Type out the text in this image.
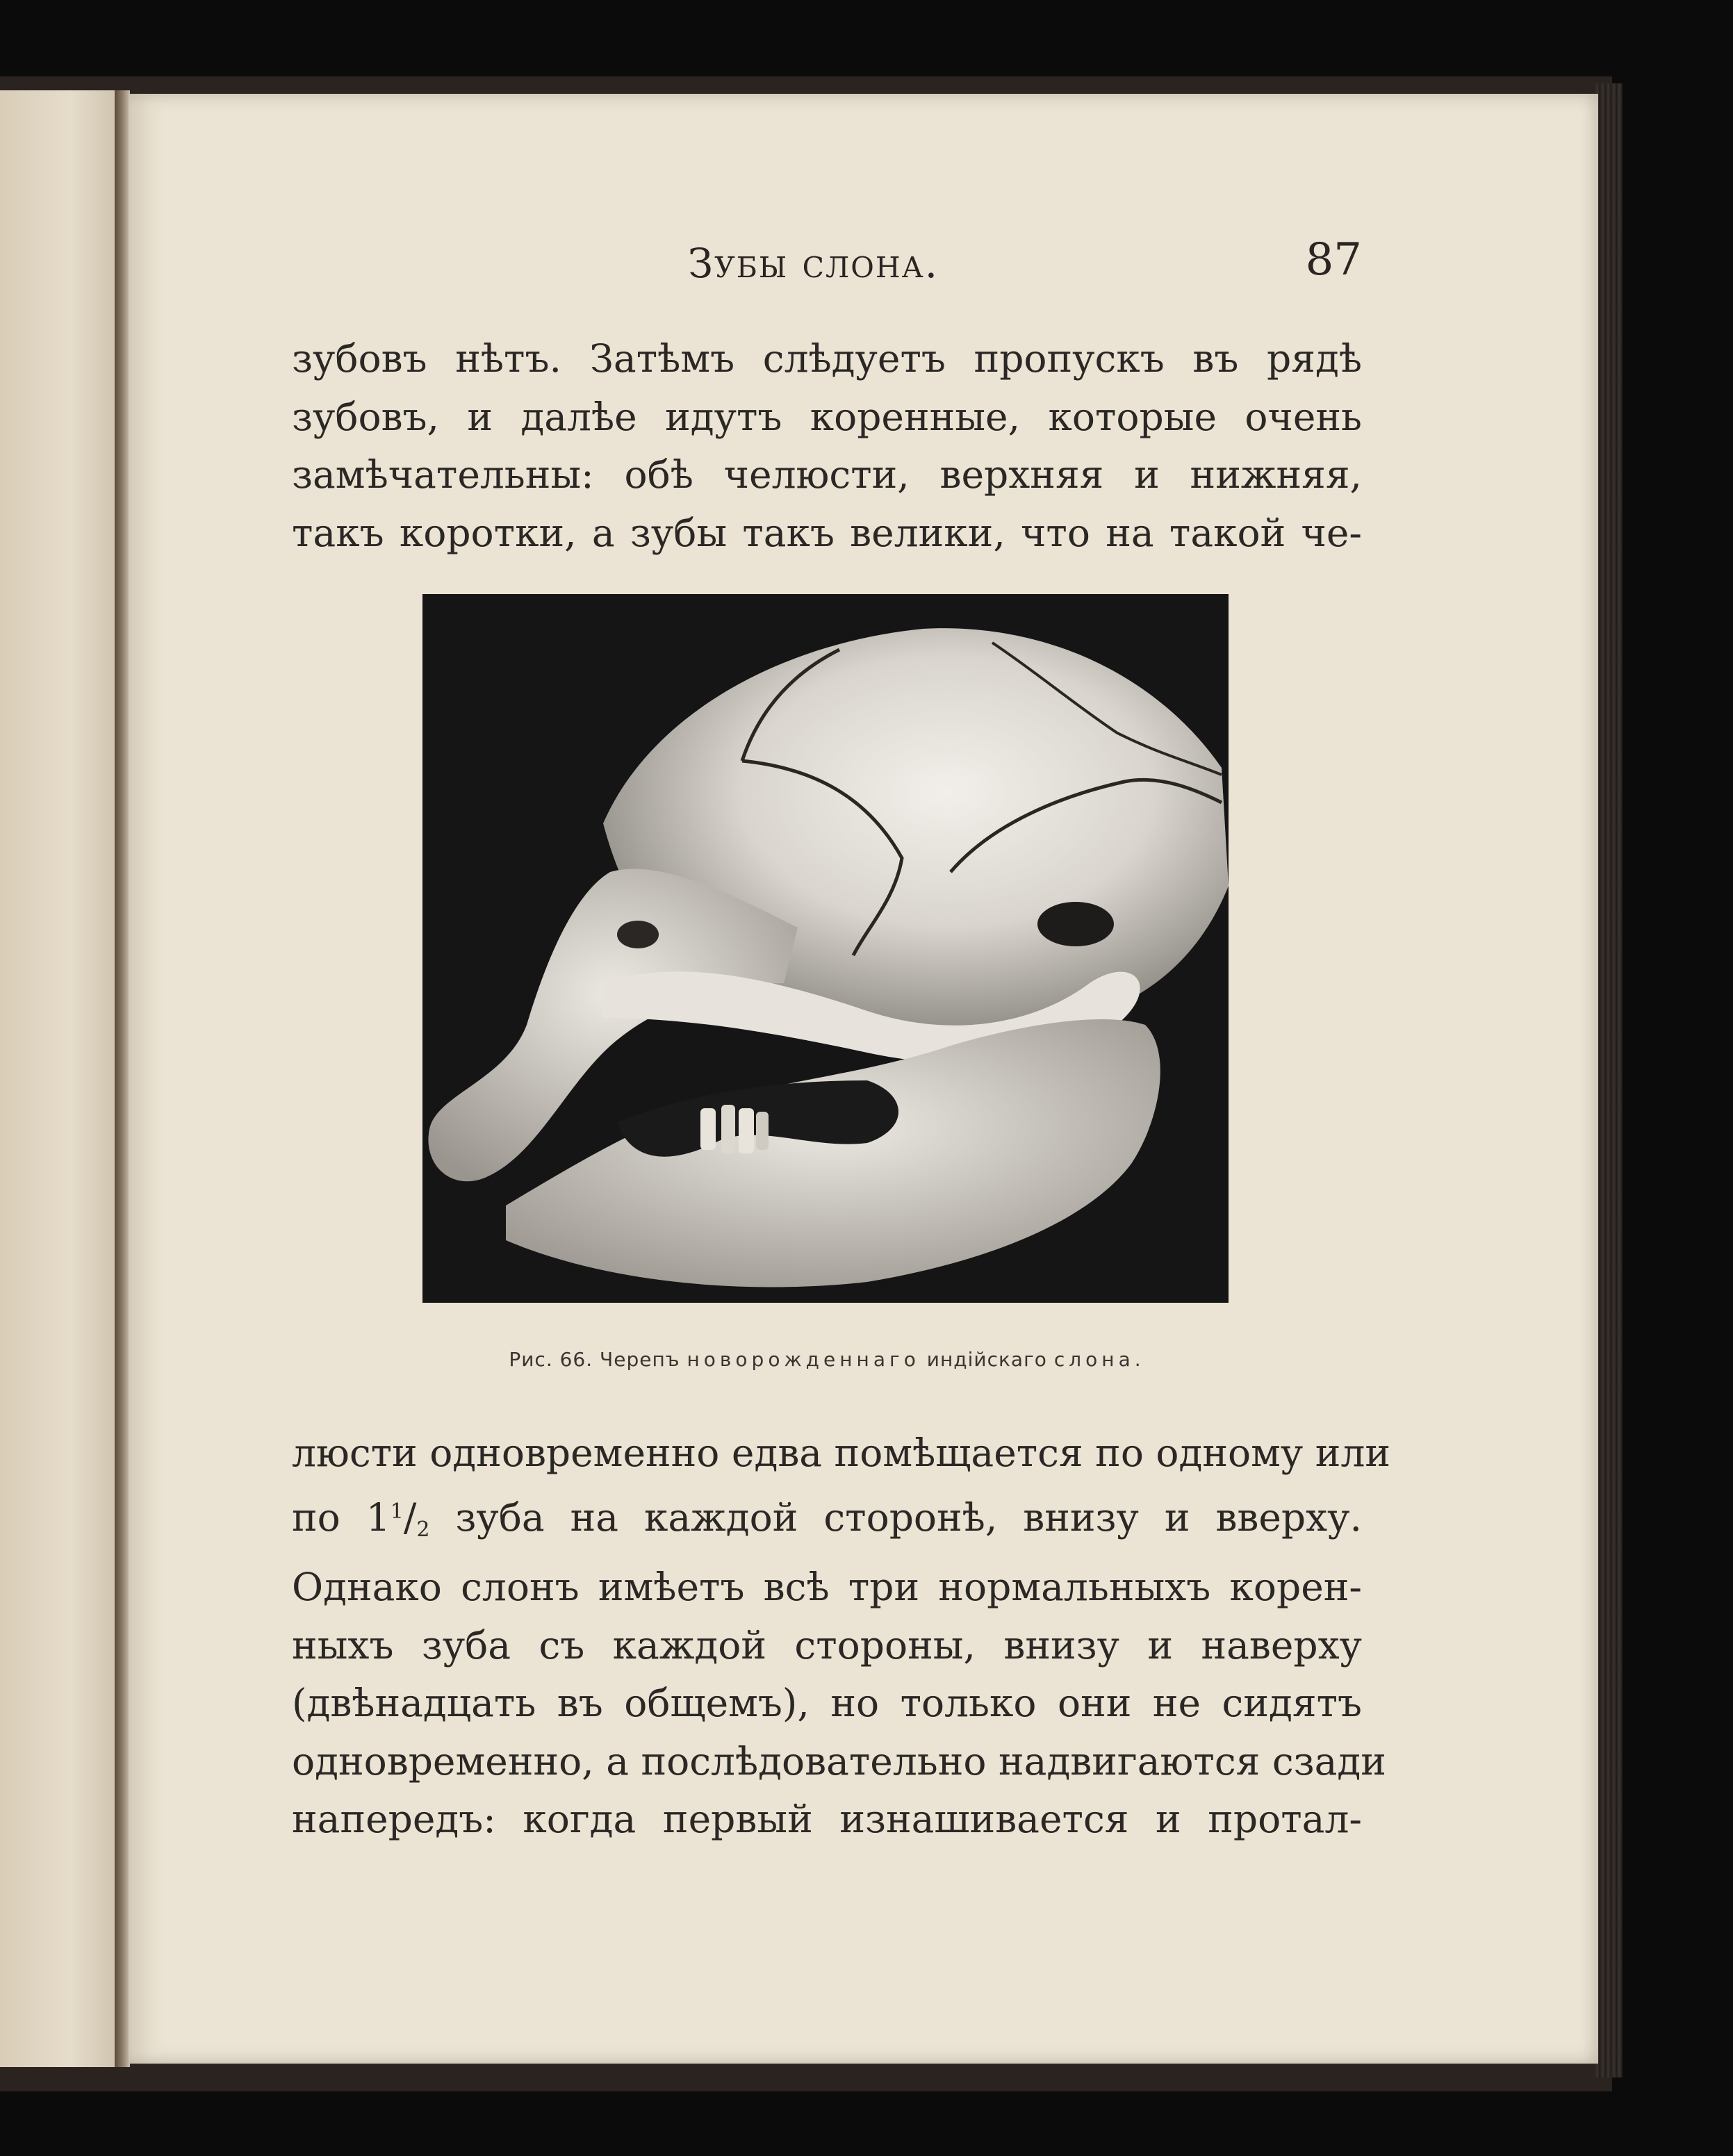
Зубы слона.	87
зубовъ нѣтъ. Затѣмъ слѣдуетъ пропускъ въ рядѣ
зубовъ, и далѣе идутъ коренные, которые очень
замѣчательны: обѣ челюсти, верхняя и нижняя,
такъ коротки, а зубы такъ велики, что на такой че-
Рис. 66. Черепъ новорожденнаго индійскаго слона.
люсти одновременно едва помѣщается по одному или
по $1^1/_2$ зуба на каждой сторонѣ, внизу и вверху.
Однако слонъ имѣетъ всѣ три нормальныхъ корен-
ныхъ зуба съ каждой стороны, внизу и наверху
(двѣнадцать въ общемъ), но только они не сидятъ
одновременно, а послѣдовательно надвигаются сзади
напередъ: когда первый изнашивается и протал-
